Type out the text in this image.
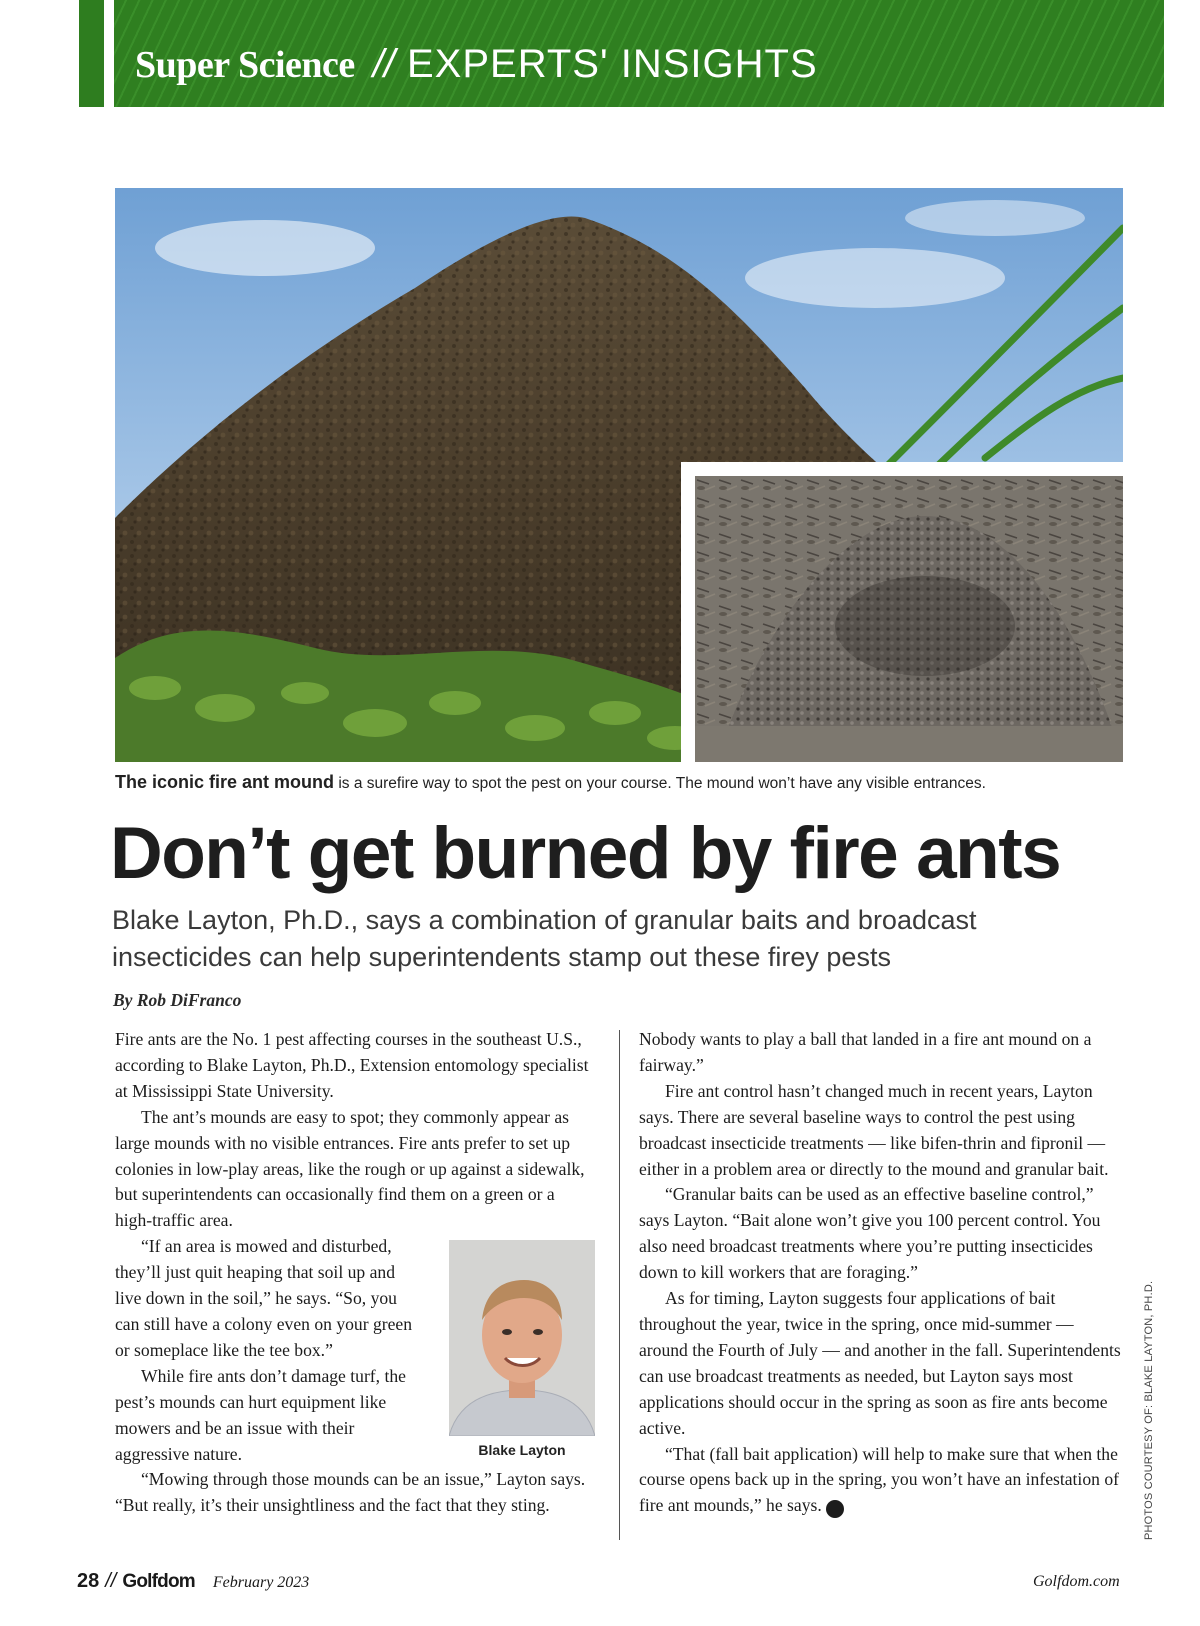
Super Science // EXPERTS' INSIGHTS
The iconic fire ant mound is a surefire way to spot the pest on your course. The mound won’t have any visible entrances.
Don’t get burned by fire ants
Blake Layton, Ph.D., says a combination of granular baits and broadcast insecticides can help superintendents stamp out these firey pests
By Rob DiFranco

Fire ants are the No. 1 pest affecting courses in the southeast U.S., according to Blake Layton, Ph.D., Extension entomology specialist at Mississippi State University.

The ant’s mounds are easy to spot; they commonly appear as large mounds with no visible entrances. Fire ants prefer to set up colonies in low-play areas, like the rough or up against a sidewalk, but superintendents can occasionally find them on a green or a high-traffic area.

Blake Layton

“If an area is mowed and disturbed, they’ll just quit heaping that soil up and live down in the soil,” he says. “So, you can still have a colony even on your green or someplace like the tee box.”

While fire ants don’t damage turf, the pest’s mounds can hurt equipment like mowers and be an issue with their aggressive nature.

“Mowing through those mounds can be an issue,” Layton says. “But really, it’s their unsightliness and the fact that they sting.

Nobody wants to play a ball that landed in a fire ant mound on a fairway.”

Fire ant control hasn’t changed much in recent years, Layton says. There are several baseline ways to control the pest using broadcast insecticide treatments — like bifen-thrin and fipronil — either in a problem area or directly to the mound and granular bait.

“Granular baits can be used as an effective baseline control,” says Layton. “Bait alone won’t give you 100 percent control. You also need broadcast treatments where you’re putting insecticides down to kill workers that are foraging.”

As for timing, Layton suggests four applications of bait throughout the year, twice in the spring, once mid-summer — around the Fourth of July — and another in the fall. Superintendents can use broadcast treatments as needed, but Layton says most applications should occur in the spring as soon as fire ants become active.

“That (fall bait application) will help to make sure that when the course opens back up in the spring, you won’t have an infestation of fire ant mounds,” he says.	G	PHOTOS COURTESY OF: BLAKE LAYTON, PH.D.
28 // Golfdom February 2023	Golfdom.com
